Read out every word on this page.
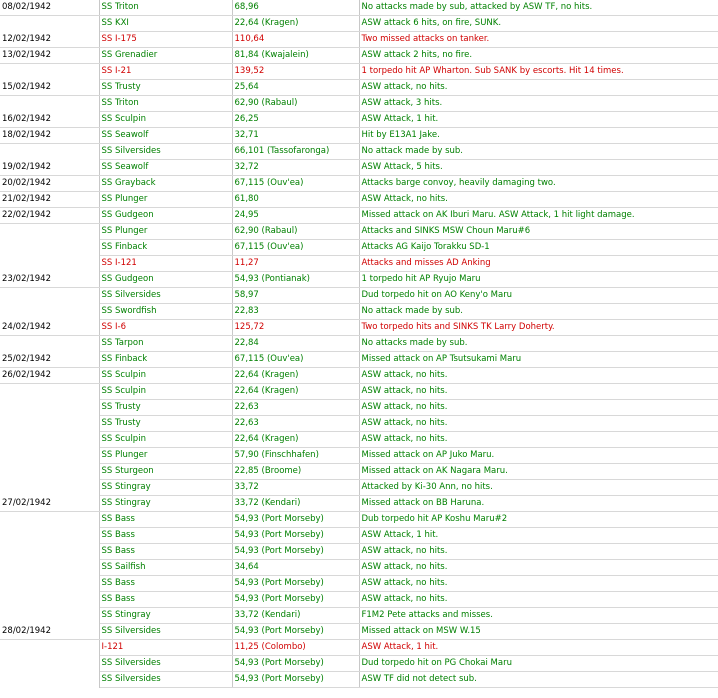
08/02/1942	SS Triton	68,96	No attacks made by sub, attacked by ASW TF, no hits.
	SS KXI	22,64 (Kragen)	ASW attack 6 hits, on fire, SUNK.
12/02/1942	SS I-175	110,64	Two missed attacks on tanker.
13/02/1942	SS Grenadier	81,84 (Kwajalein)	ASW attack 2 hits, no fire.
	SS I-21	139,52	1 torpedo hit AP Wharton. Sub SANK by escorts. Hit 14 times.
15/02/1942	SS Trusty	25,64	ASW attack, no hits.
	SS Triton	62,90 (Rabaul)	ASW attack, 3 hits.
16/02/1942	SS Sculpin	26,25	ASW Attack, 1 hit.
18/02/1942	SS Seawolf	32,71	Hit by E13A1 Jake.
	SS Silversides	66,101 (Tassofaronga)	No attack made by sub.
19/02/1942	SS Seawolf	32,72	ASW Attack, 5 hits.
20/02/1942	SS Grayback	67,115 (Ouv'ea)	Attacks barge convoy, heavily damaging two.
21/02/1942	SS Plunger	61,80	ASW Attack, no hits.
22/02/1942	SS Gudgeon	24,95	Missed attack on AK Iburi Maru. ASW Attack, 1 hit light damage.
	SS Plunger	62,90 (Rabaul)	Attacks and SINKS MSW Choun Maru#6
	SS Finback	67,115 (Ouv'ea)	Attacks AG Kaijo Torakku SD-1
	SS I-121	11,27	Attacks and misses AD Anking
23/02/1942	SS Gudgeon	54,93 (Pontianak)	1 torpedo hit AP Ryujo Maru
	SS Silversides	58,97	Dud torpedo hit on AO Keny'o Maru
	SS Swordfish	22,83	No attack made by sub.
24/02/1942	SS I-6	125,72	Two torpedo hits and SINKS TK Larry Doherty.
	SS Tarpon	22,84	No attacks made by sub.
25/02/1942	SS Finback	67,115 (Ouv'ea)	Missed attack on AP Tsutsukami Maru
26/02/1942	SS Sculpin	22,64 (Kragen)	ASW attack, no hits.
	SS Sculpin	22,64 (Kragen)	ASW attack, no hits.
	SS Trusty	22,63	ASW attack, no hits.
	SS Trusty	22,63	ASW attack, no hits.
	SS Sculpin	22,64 (Kragen)	ASW attack, no hits.
	SS Plunger	57,90 (Finschhafen)	Missed attack on AP Juko Maru.
	SS Sturgeon	22,85 (Broome)	Missed attack on AK Nagara Maru.
	SS Stingray	33,72	Attacked by Ki-30 Ann, no hits.
27/02/1942	SS Stingray	33,72 (Kendari)	Missed attack on BB Haruna.
	SS Bass	54,93 (Port Morseby)	Dub torpedo hit AP Koshu Maru#2
	SS Bass	54,93 (Port Morseby)	ASW Attack, 1 hit.
	SS Bass	54,93 (Port Morseby)	ASW attack, no hits.
	SS Sailfish	34,64	ASW attack, no hits.
	SS Bass	54,93 (Port Morseby)	ASW attack, no hits.
	SS Bass	54,93 (Port Morseby)	ASW attack, no hits.
	SS Stingray	33,72 (Kendari)	F1M2 Pete attacks and misses.
28/02/1942	SS Silversides	54,93 (Port Morseby)	Missed attack on MSW W.15
	I-121	11,25 (Colombo)	ASW Attack, 1 hit.
	SS Silversides	54,93 (Port Morseby)	Dud torpedo hit on PG Chokai Maru
	SS Silversides	54,93 (Port Morseby)	ASW TF did not detect sub.
